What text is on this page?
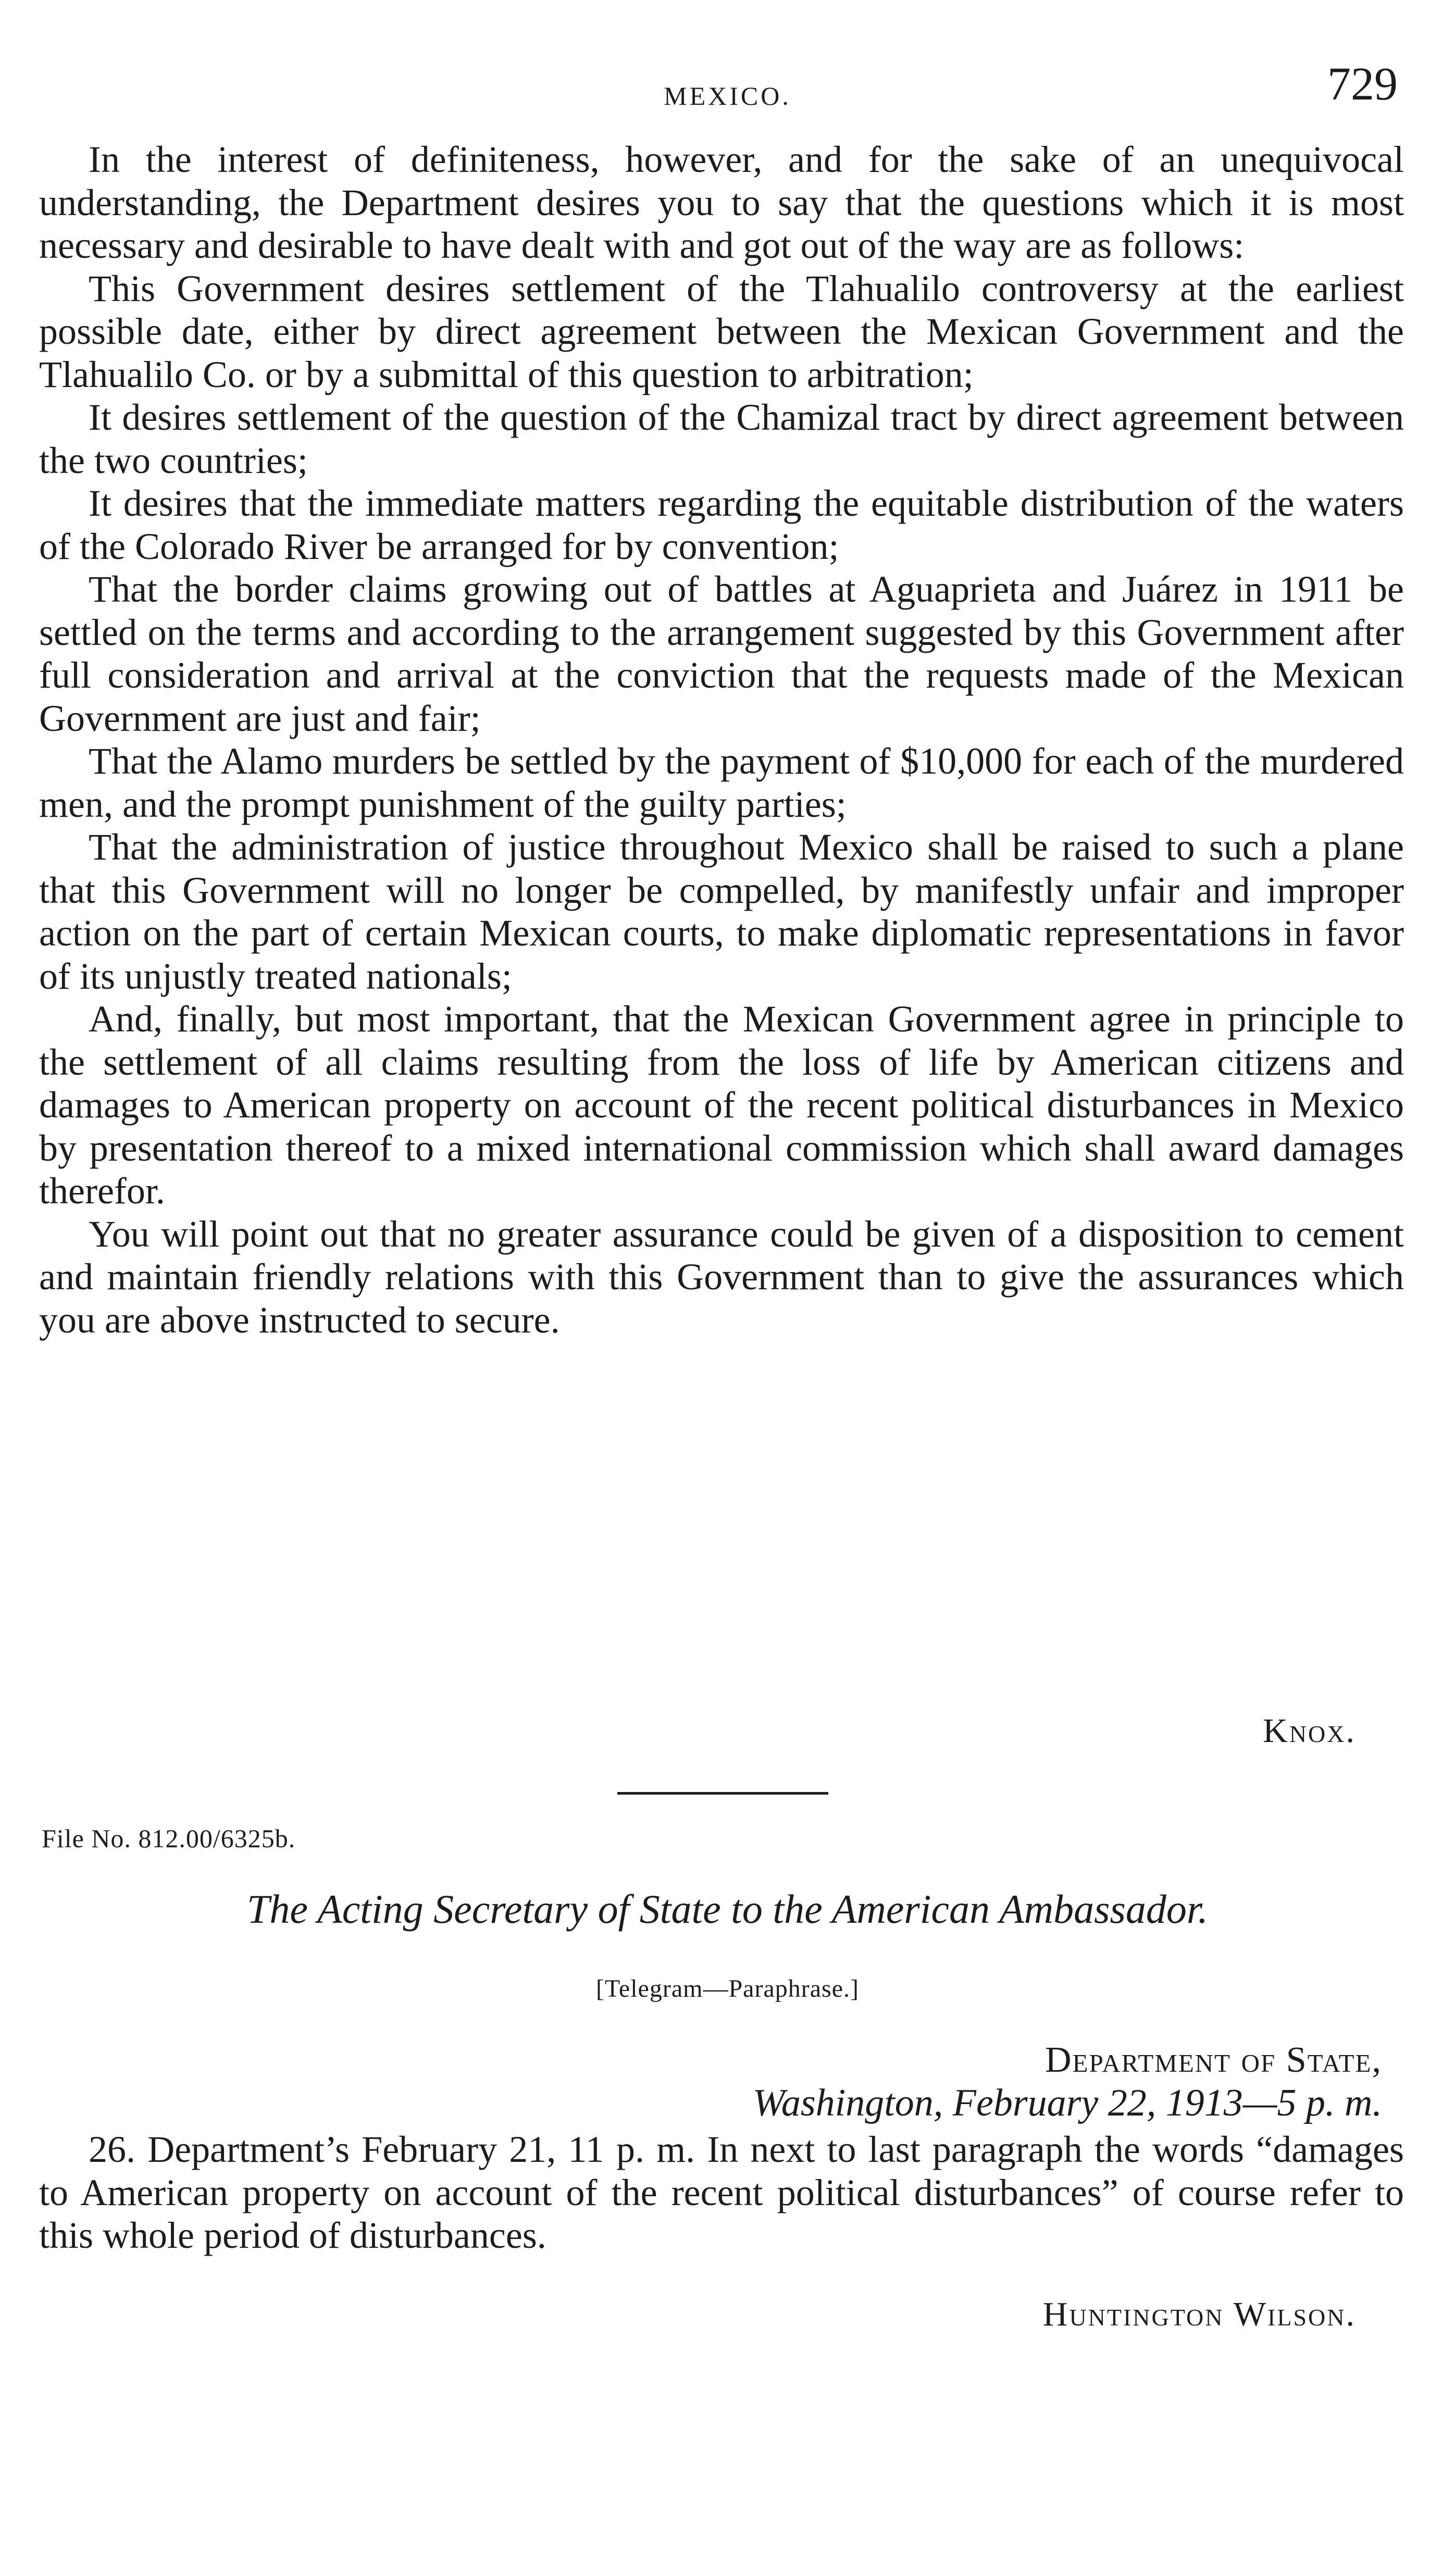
MEXICO.	729

In the interest of definiteness, however, and for the sake of an unequivocal understanding, the Department desires you to say that the questions which it is most necessary and desirable to have dealt with and got out of the way are as follows:

This Government desires settlement of the Tlahualilo controversy at the earliest possible date, either by direct agreement between the Mexican Government and the Tlahualilo Co. or by a submittal of this question to arbitration;

It desires settlement of the question of the Chamizal tract by direct agreement between the two countries;

It desires that the immediate matters regarding the equitable distribution of the waters of the Colorado River be arranged for by convention;

That the border claims growing out of battles at Aguaprieta and Juárez in 1911 be settled on the terms and according to the arrangement suggested by this Government after full consideration and arrival at the conviction that the requests made of the Mexican Government are just and fair;

That the Alamo murders be settled by the payment of $10,000 for each of the murdered men, and the prompt punishment of the guilty parties;

That the administration of justice throughout Mexico shall be raised to such a plane that this Government will no longer be compelled, by manifestly unfair and improper action on the part of certain Mexican courts, to make diplomatic representations in favor of its unjustly treated nationals;

And, finally, but most important, that the Mexican Government agree in principle to the settlement of all claims resulting from the loss of life by American citizens and damages to American property on account of the recent political disturbances in Mexico by presentation thereof to a mixed international commission which shall award damages therefor.

You will point out that no greater assurance could be given of a disposition to cement and maintain friendly relations with this Government than to give the assurances which you are above instructed to secure.

Knox.
File No. 812.00/6325b.
The Acting Secretary of State to the American Ambassador.
[Telegram—Paraphrase.]
Department of State,
Washington, February 22, 1913—5 p. m.

26. Department’s February 21, 11 p. m. In next to last paragraph the words “damages to American property on account of the recent political disturbances” of course refer to this whole period of disturbances.

Huntington Wilson.
